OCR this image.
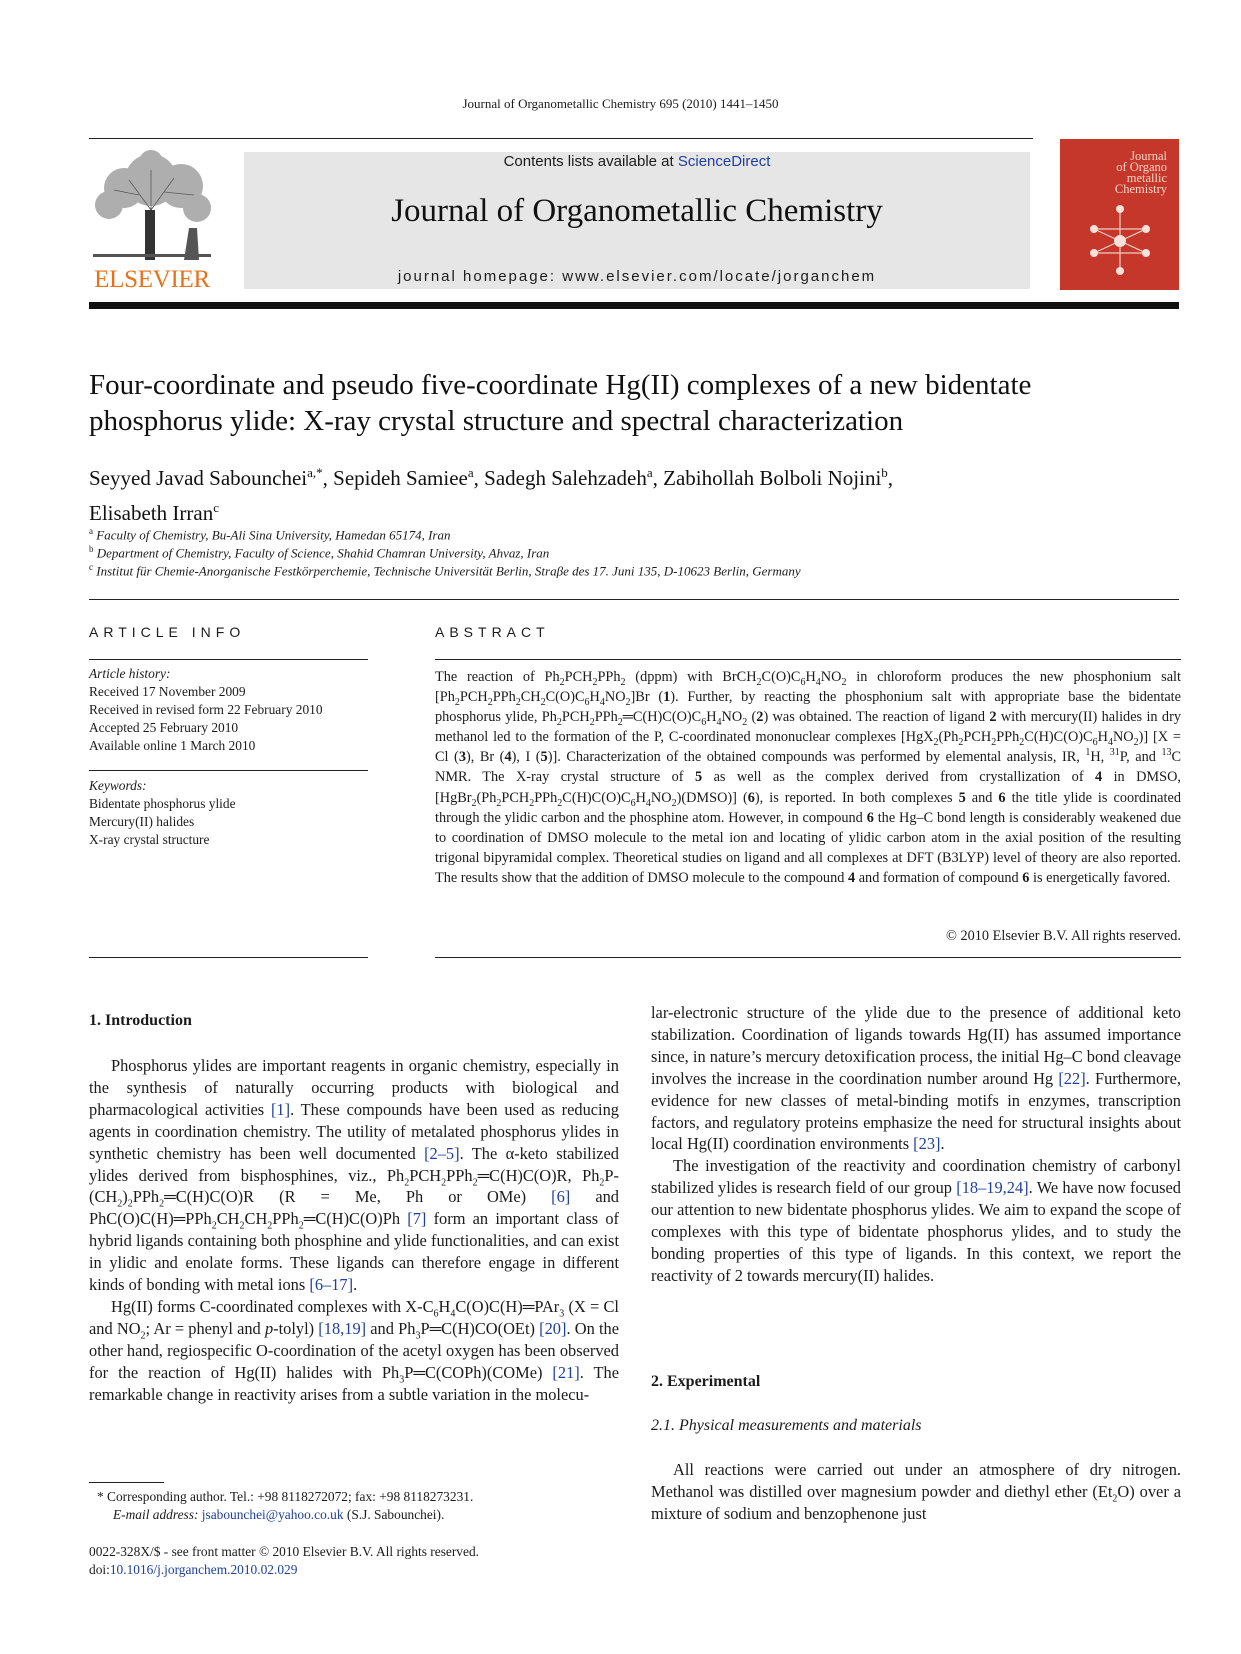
Journal of Organometallic Chemistry 695 (2010) 1441–1450
ELSEVIER
Contents lists available at ScienceDirect
Journal of Organometallic Chemistry
journal homepage: www.elsevier.com/locate/jorganchem
Journal
of Organo
metallic
Chemistry
Four-coordinate and pseudo five-coordinate Hg(II) complexes of a new bidentate
phosphorus ylide: X-ray crystal structure and spectral characterization
Seyyed Javad Sabounchei$^{a,*}$, Sepideh Samiee$^a$, Sadegh Salehzadeh$^a$, Zabihollah Bolboli Nojini$^b$,
Elisabeth Irran$^c$
$^a$ Faculty of Chemistry, Bu-Ali Sina University, Hamedan 65174, Iran
$^b$ Department of Chemistry, Faculty of Science, Shahid Chamran University, Ahvaz, Iran
$^c$ Institut für Chemie-Anorganische Festkörperchemie, Technische Universität Berlin, Straβe des 17. Juni 135, D-10623 Berlin, Germany
ARTICLE INFO
Article history:
Received 17 November 2009
Received in revised form 22 February 2010
Accepted 25 February 2010
Available online 1 March 2010
Keywords:
Bidentate phosphorus ylide
Mercury(II) halides
X-ray crystal structure
ABSTRACT
The reaction of $Ph_2PCH_2PPh_2$ (dppm) with $BrCH_2C(O)C_6H_4NO_2$ in chloroform produces the new phosphonium salt $[Ph_2PCH_2PPh_2CH_2C(O)C_6H_4NO_2]Br$ (1). Further, by reacting the phosphonium salt with appropriate base the bidentate phosphorus ylide, $Ph_2PCH_2PPh_2═C(H)C(O)C_6H_4NO_2$ (2) was obtained. The reaction of ligand 2 with mercury(II) halides in dry methanol led to the formation of the P, C-coordinated mononuclear complexes $[HgX_2(Ph_2PCH_2PPh_2C(H)C(O)C_6H_4NO_2)] [X = Cl$ (3), Br (4), I (5)]. Characterization of the obtained compounds was performed by elemental analysis, IR, $^1$H, $^{31}$P, and $^{13}$C NMR. The X-ray crystal structure of 5 as well as the complex derived from crystallization of 4 in DMSO, $[HgBr_2(Ph_2PCH_2PPh_2C(H)C(O)C_6H_4NO_2)(DMSO)]$ (6), is reported. In both complexes 5 and 6 the title ylide is coordinated through the ylidic carbon and the phosphine atom. However, in compound 6 the Hg–C bond length is considerably weakened due to coordination of DMSO molecule to the metal ion and locating of ylidic carbon atom in the axial position of the resulting trigonal bipyramidal complex. Theoretical studies on ligand and all complexes at DFT (B3LYP) level of theory are also reported. The results show that the addition of DMSO molecule to the compound 4 and formation of compound 6 is energetically favored.
© 2010 Elsevier B.V. All rights reserved.
1. Introduction

Phosphorus ylides are important reagents in organic chemistry, especially in the synthesis of naturally occurring products with biological and pharmacological activities [1]. These compounds have been used as reducing agents in coordination chemistry. The utility of metalated phosphorus ylides in synthetic chemistry has been well documented [2–5]. The α-keto stabilized ylides derived from bisphosphines, viz., $Ph_2PCH_2PPh_2═C(H)C(O)R$, $Ph_2P-(CH_2)_2PPh_2═C(H)C(O)R$ (R = Me, Ph or OMe) [6] and $PhC(O)C(H)═PPh_2CH_2CH_2PPh_2═C(H)C(O)Ph$ [7] form an important class of hybrid ligands containing both phosphine and ylide functionalities, and can exist in ylidic and enolate forms. These ligands can therefore engage in different kinds of bonding with metal ions [6–17].

Hg(II) forms C-coordinated complexes with $X-C_6H_4C(O)C(H)═PAr_3$ (X = Cl and $NO_2$; Ar = phenyl and p-tolyl) [18,19] and $Ph_3P═C(H)CO(OEt)$ [20]. On the other hand, regiospecific O-coordination of the acetyl oxygen has been observed for the reaction of Hg(II) halides with $Ph_3P═C(COPh)(COMe)$ [21]. The remarkable change in reactivity arises from a subtle variation in the molecu-

lar-electronic structure of the ylide due to the presence of additional keto stabilization. Coordination of ligands towards Hg(II) has assumed importance since, in nature’s mercury detoxification process, the initial Hg–C bond cleavage involves the increase in the coordination number around Hg [22]. Furthermore, evidence for new classes of metal-binding motifs in enzymes, transcription factors, and regulatory proteins emphasize the need for structural insights about local Hg(II) coordination environments [23].

The investigation of the reactivity and coordination chemistry of carbonyl stabilized ylides is research field of our group [18–19,24]. We have now focused our attention to new bidentate phosphorus ylides. We aim to expand the scope of complexes with this type of bidentate phosphorus ylides, and to study the bonding properties of this type of ligands. In this context, we report the reactivity of 2 towards mercury(II) halides.

2. Experimental
2.1. Physical measurements and materials

All reactions were carried out under an atmosphere of dry nitrogen. Methanol was distilled over magnesium powder and diethyl ether $(Et_2O)$ over a mixture of sodium and benzophenone just

* Corresponding author. Tel.: +98 8118272072; fax: +98 8118273231.
E-mail address: jsabounchei@yahoo.co.uk (S.J. Sabounchei).
0022-328X/$ - see front matter © 2010 Elsevier B.V. All rights reserved.
doi:10.1016/j.jorganchem.2010.02.029
